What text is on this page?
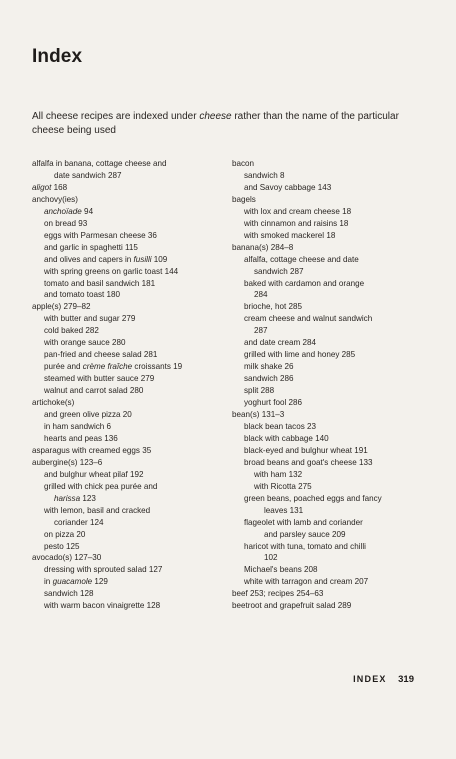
Index
All cheese recipes are indexed under cheese rather than the name of the particular cheese being used
alfalfa in banana, cottage cheese and
date sandwich 287
aligot 168
anchovy(ies)
anchoïade 94
on bread 93
eggs with Parmesan cheese 36
and garlic in spaghetti 115
and olives and capers in fusilli 109
with spring greens on garlic toast 144
tomato and basil sandwich 181
and tomato toast 180
apple(s) 279–82
with butter and sugar 279
cold baked 282
with orange sauce 280
pan-fried and cheese salad 281
purée and crème fraîche croissants 19
steamed with butter sauce 279
walnut and carrot salad 280
artichoke(s)
and green olive pizza 20
in ham sandwich 6
hearts and peas 136
asparagus with creamed eggs 35
aubergine(s) 123–6
and bulghur wheat pilaf 192
grilled with chick pea purée and
harissa 123
with lemon, basil and cracked
coriander 124
on pizza 20
pesto 125
avocado(s) 127–30
dressing with sprouted salad 127
in guacamole 129
sandwich 128
with warm bacon vinaigrette 128
bacon
sandwich 8
and Savoy cabbage 143
bagels
with lox and cream cheese 18
with cinnamon and raisins 18
with smoked mackerel 18
banana(s) 284–8
alfalfa, cottage cheese and date
sandwich 287
baked with cardamon and orange
284
brioche, hot 285
cream cheese and walnut sandwich
287
and date cream 284
grilled with lime and honey 285
milk shake 26
sandwich 286
split 288
yoghurt fool 286
bean(s) 131–3
black bean tacos 23
black with cabbage 140
black-eyed and bulghur wheat 191
broad beans and goat's cheese 133
with ham 132
with Ricotta 275
green beans, poached eggs and fancy
leaves 131
flageolet with lamb and coriander
and parsley sauce 209
haricot with tuna, tomato and chilli
102
Michael's beans 208
white with tarragon and cream 207
beef 253; recipes 254–63
beetroot and grapefruit salad 289
INDEX 319
